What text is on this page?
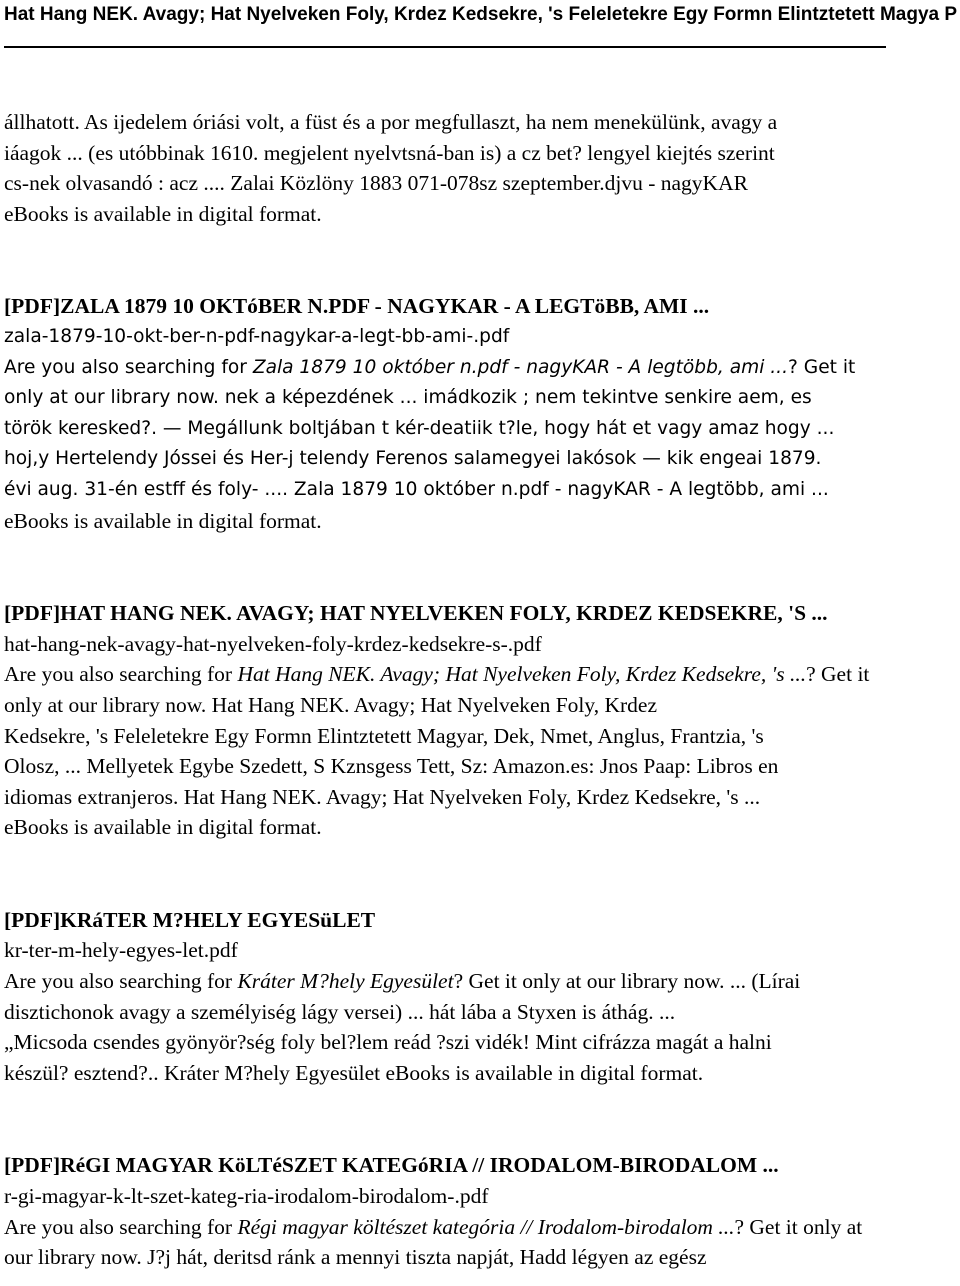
Hat Hang NEK. Avagy; Hat Nyelveken Foly, Krdez Kedsekre, 's Feleletekre Egy Formn Elintztetett Magya P
állhatott. As ijedelem óriási volt, a füst és a por megfullaszt, ha nem menekülünk, avagy a
iáagok ... (es utóbbinak 1610. megjelent nyelvtsná-ban is) a cz bet? lengyel kiejtés szerint
cs-nek olvasandó : acz .... Zalai Közlöny 1883 071-078sz szeptember.djvu - nagyKAR
eBooks is available in digital format.
[PDF]ZALA 1879 10 OKTóBER N.PDF - NAGYKAR - A LEGTöBB, AMI ...
zala-1879-10-okt-ber-n-pdf-nagykar-a-legt-bb-ami-.pdf
Are you also searching for Zala 1879 10 október n.pdf - nagyKAR - A legtöbb, ami ...? Get it only at our library now. nek a képezdének ... imádkozik ; nem tekintve senkire aem, es
török keresked?. — Megállunk boltjában t kér-deatiik t?le, hogy hát et vagy amaz hogy ...
hoj,y Hertelendy Jóssei és Her-j telendy Ferenos salamegyei lakósok — kik engeai 1879.
évi aug. 31-én estff és foly- .... Zala 1879 10 október n.pdf - nagyKAR - A legtöbb, ami ...
eBooks is available in digital format.
[PDF]HAT HANG NEK. AVAGY; HAT NYELVEKEN FOLY, KRDEZ KEDSEKRE, 'S ...
hat-hang-nek-avagy-hat-nyelveken-foly-krdez-kedsekre-s-.pdf
Are you also searching for Hat Hang NEK. Avagy; Hat Nyelveken Foly, Krdez Kedsekre, 's ...? Get it only at our library now. Hat Hang NEK. Avagy; Hat Nyelveken Foly, Krdez
Kedsekre, 's Feleletekre Egy Formn Elintztetett Magyar, Dek, Nmet, Anglus, Frantzia, 's
Olosz, ... Mellyetek Egybe Szedett, S Kznsgess Tett, Sz: Amazon.es: Jnos Paap: Libros en
idiomas extranjeros. Hat Hang NEK. Avagy; Hat Nyelveken Foly, Krdez Kedsekre, 's ...
eBooks is available in digital format.
[PDF]KRáTER M?HELY EGYESüLET
kr-ter-m-hely-egyes-let.pdf
Are you also searching for Kráter M?hely Egyesület? Get it only at our library now. ... (Lírai disztichonok avagy a személyiség lágy versei) ... hát lába a Styxen is áthág. ...
„Micsoda csendes gyönyör?ség foly bel?lem reád ?szi vidék! Mint cifrázza magát a halni
készül? esztend?.. Kráter M?hely Egyesület eBooks is available in digital format.
[PDF]RéGI MAGYAR KöLTéSZET KATEGóRIA // IRODALOM-BIRODALOM ...
r-gi-magyar-k-lt-szet-kateg-ria-irodalom-birodalom-.pdf
Are you also searching for Régi magyar költészet kategória // Irodalom-birodalom ...? Get it only at our library now. J?j hát, deritsd ránk a mennyi tiszta napját, Hadd légyen az egész
